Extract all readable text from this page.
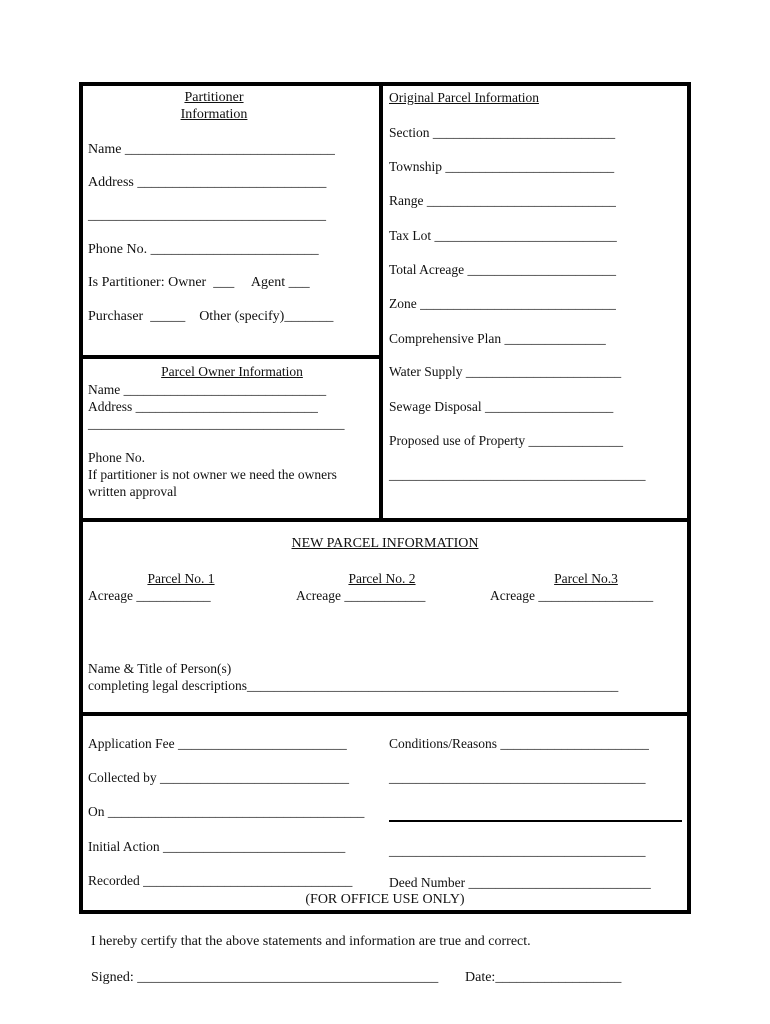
Partitioner
Information
Name ______________________________
Address ___________________________
__________________________________
Phone No. ________________________
Is Partitioner: Owner  ___     Agent ___
Purchaser  _____    Other (specify)_______
Parcel Owner Information
Name ______________________________
Address ___________________________
______________________________________
Phone No.
If partitioner is not owner we need the owners
written approval
Original Parcel Information
Section ___________________________
Township _________________________
Range ____________________________
Tax Lot ___________________________
Total Acreage ______________________
Zone _____________________________
Comprehensive Plan _______________
Water Supply _______________________
Sewage Disposal ___________________
Proposed use of Property ______________
______________________________________
NEW PARCEL INFORMATION
Parcel No. 1
Acreage ___________
Parcel No. 2
Acreage ____________
Parcel No.3
Acreage _________________
Name & Title of Person(s)
completing legal descriptions_______________________________________________________
Application Fee _________________________
Collected by ____________________________
On ______________________________________
Initial Action ___________________________
Recorded _______________________________
Conditions/Reasons ______________________
______________________________________
______________________________________
Deed Number ___________________________
(FOR OFFICE USE ONLY)
I hereby certify that the above statements and information are true and correct.
Signed: ___________________________________________ Date:__________________
